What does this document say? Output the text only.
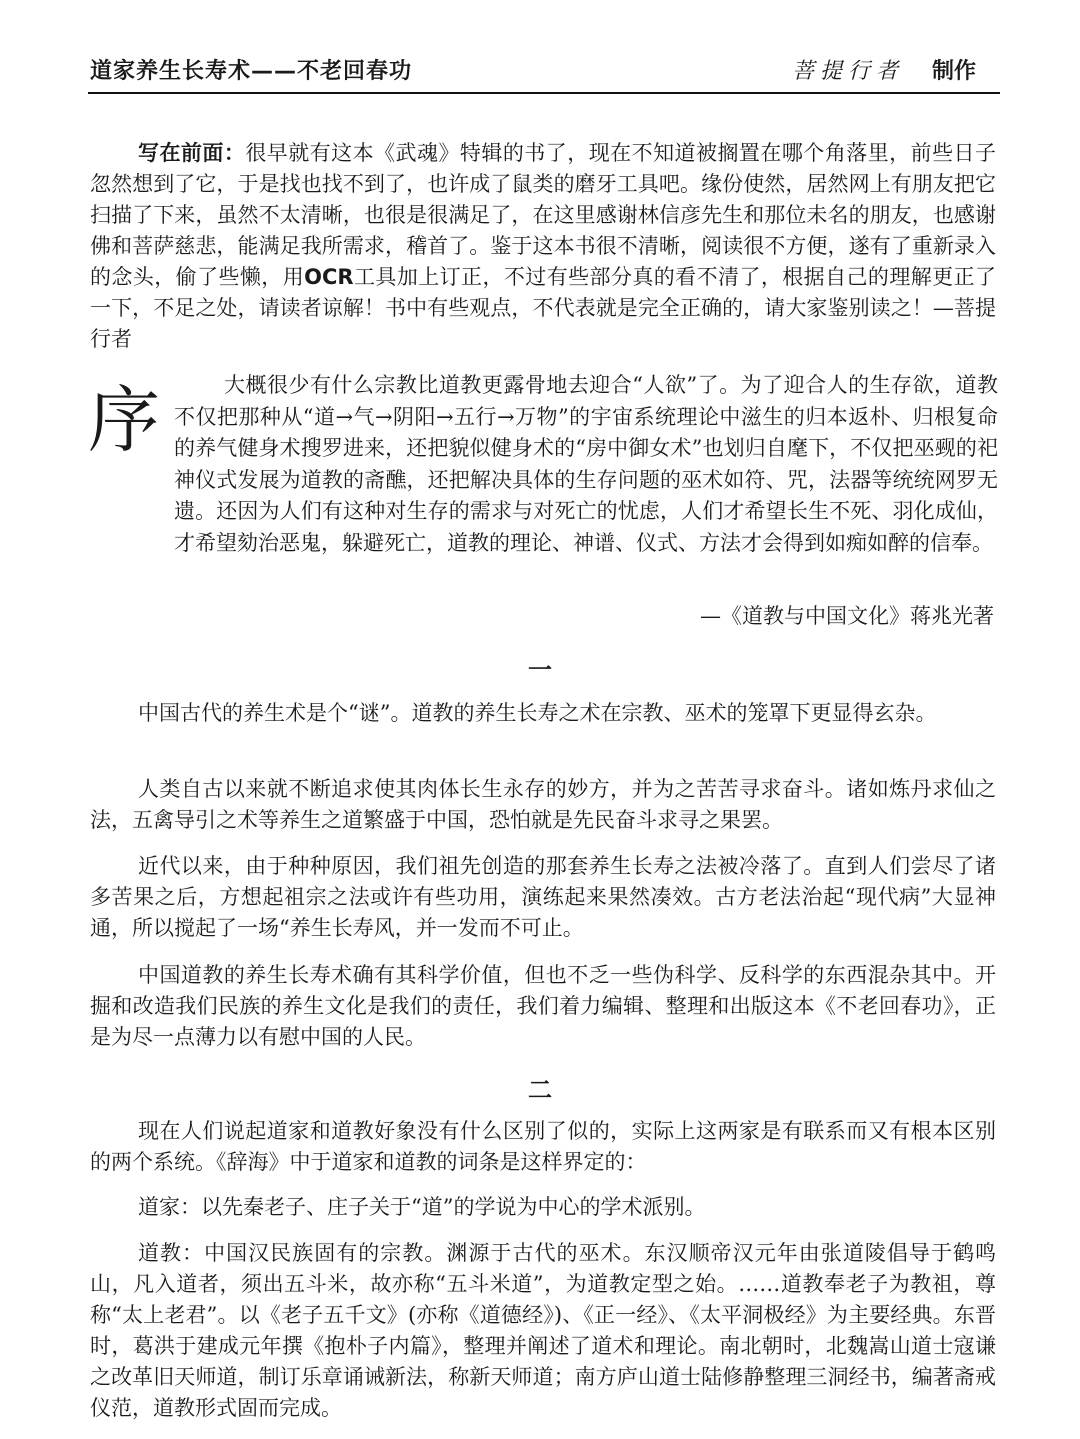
道家养生长寿术——不老回春功	菩提行者 制作

写在前面：很早就有这本《武魂》特辑的书了，现在不知道被搁置在哪个角落里，前些日子忽然想到了它，于是找也找不到了，也许成了鼠类的磨牙工具吧。缘份使然，居然网上有朋友把它扫描了下来，虽然不太清晰，也很是很满足了，在这里感谢林信彦先生和那位未名的朋友，也感谢佛和菩萨慈悲，能满足我所需求，稽首了。鉴于这本书很不清晰，阅读很不方便，遂有了重新录入的念头，偷了些懒，用OCR工具加上订正，不过有些部分真的看不清了，根据自己的理解更正了一下，不足之处，请读者谅解！书中有些观点，不代表就是完全正确的，请大家鉴别读之！—菩提行者

序	大概很少有什么宗教比道教更露骨地去迎合“人欲”了。为了迎合人的生存欲，道教不仅把那种从“道→气→阴阳→五行→万物”的宇宙系统理论中滋生的归本返朴、归根复命的养气健身术搜罗进来，还把貌似健身术的“房中御女术”也划归自麾下，不仅把巫觋的祀神仪式发展为道教的斋醮，还把解决具体的生存问题的巫术如符、咒，法器等统统网罗无遗。还因为人们有这种对生存的需求与对死亡的忧虑，人们才希望长生不死、羽化成仙，才希望劾治恶鬼，躲避死亡，道教的理论、神谱、仪式、方法才会得到如痴如醉的信奉。

—《道教与中国文化》蒋兆光著
一

中国古代的养生术是个“谜”。道教的养生长寿之术在宗教、巫术的笼罩下更显得玄杂。

人类自古以来就不断追求使其肉体长生永存的妙方，并为之苦苦寻求奋斗。诸如炼丹求仙之法，五禽导引之术等养生之道繁盛于中国，恐怕就是先民奋斗求寻之果罢。

近代以来，由于种种原因，我们祖先创造的那套养生长寿之法被冷落了。直到人们尝尽了诸多苦果之后，方想起祖宗之法或许有些功用，演练起来果然凑效。古方老法治起“现代病”大显神通，所以搅起了一场“养生长寿风，并一发而不可止。

中国道教的养生长寿术确有其科学价值，但也不乏一些伪科学、反科学的东西混杂其中。开掘和改造我们民族的养生文化是我们的责任，我们着力编辑、整理和出版这本《不老回春功》，正是为尽一点薄力以有慰中国的人民。

二

现在人们说起道家和道教好象没有什么区别了似的，实际上这两家是有联系而又有根本区别的两个系统。《辞海》中于道家和道教的词条是这样界定的：

道家：以先秦老子、庄子关于“道”的学说为中心的学术派别。

道教：中国汉民族固有的宗教。渊源于古代的巫术。东汉顺帝汉元年由张道陵倡导于鹤鸣山，凡入道者，须出五斗米，故亦称“五斗米道”，为道教定型之始。……道教奉老子为教祖，尊称“太上老君”。以《老子五千文》(亦称《道德经》)、《正一经》、《太平洞极经》为主要经典。东晋时，葛洪于建成元年撰《抱朴子内篇》，整理并阐述了道术和理论。南北朝时，北魏嵩山道士寇谦之改革旧天师道，制订乐章诵诫新法，称新天师道；南方庐山道士陆修静整理三洞经书，编著斋戒仪范，道教形式固而完成。
